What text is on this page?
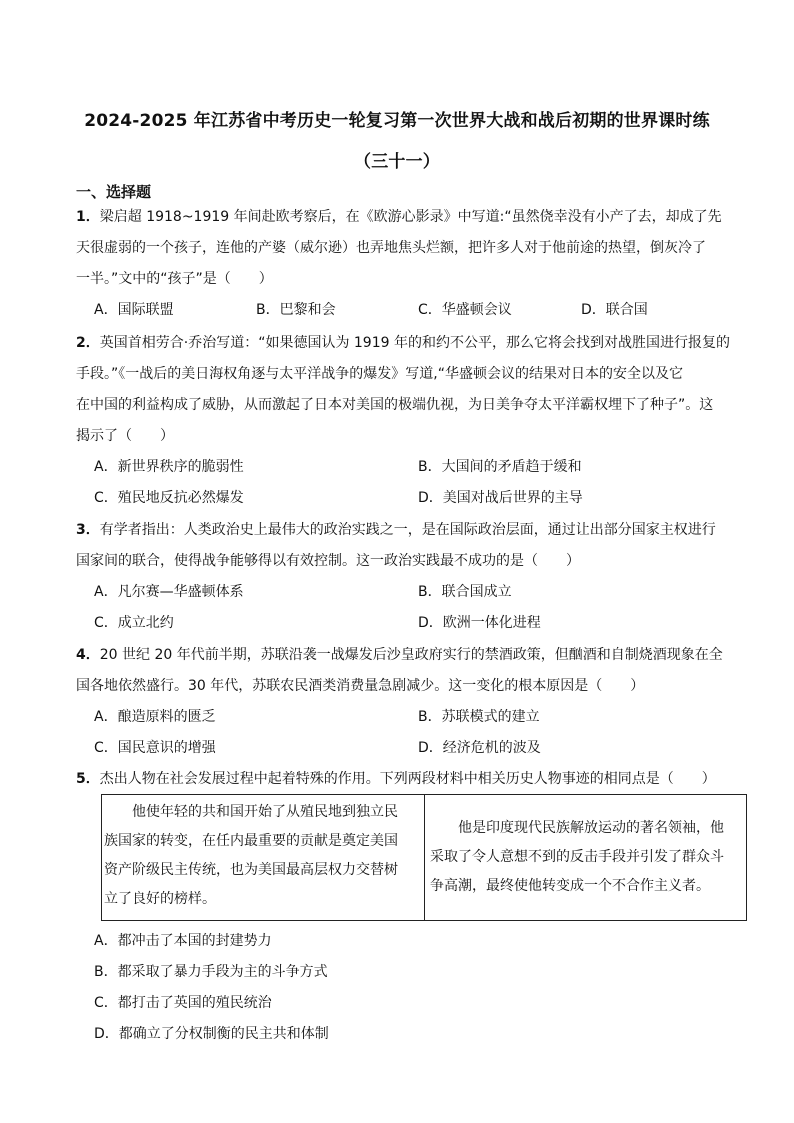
2024-2025 年江苏省中考历史一轮复习第一次世界大战和战后初期的世界课时练
（三十一）
一、选择题
1．梁启超 1918~1919 年间赴欧考察后，在《欧游心影录》中写道:“虽然侥幸没有小产了去，却成了先
天很虚弱的一个孩子，连他的产婆（威尔逊）也弄地焦头烂额，把许多人对于他前途的热望，倒灰冷了
一半。”文中的“孩子”是（　　）
A．国际联盟	B．巴黎和会	C．华盛顿会议	D．联合国
2．英国首相劳合·乔治写道：“如果德国认为 1919 年的和约不公平，那么它将会找到对战胜国进行报复的
手段。”《一战后的美日海权角逐与太平洋战争的爆发》写道,“华盛顿会议的结果对日本的安全以及它
在中国的利益构成了威胁，从而激起了日本对美国的极端仇视，为日美争夺太平洋霸权埋下了种子”。这
揭示了（　　）
A．新世界秩序的脆弱性	B．大国间的矛盾趋于缓和
C．殖民地反抗必然爆发	D．美国对战后世界的主导
3．有学者指出：人类政治史上最伟大的政治实践之一，是在国际政治层面，通过让出部分国家主权进行
国家间的联合，使得战争能够得以有效控制。这一政治实践最不成功的是（　　）
A．凡尔赛—华盛顿体系	B．联合国成立
C．成立北约	D．欧洲一体化进程
4．20 世纪 20 年代前半期，苏联沿袭一战爆发后沙皇政府实行的禁酒政策，但酗酒和自制烧酒现象在全
国各地依然盛行。30 年代，苏联农民酒类消费量急剧减少。这一变化的根本原因是（　　）
A．酿造原料的匮乏	B．苏联模式的建立
C．国民意识的增强	D．经济危机的波及
5．杰出人物在社会发展过程中起着特殊的作用。下列两段材料中相关历史人物事迹的相同点是（　　）
他使年轻的共和国开始了从殖民地到独立民
族国家的转变，在任内最重要的贡献是奠定美国
资产阶级民主传统，也为美国最高层权力交替树
立了良好的榜样。
他是印度现代民族解放运动的著名领袖，他
采取了令人意想不到的反击手段并引发了群众斗
争高潮，最终使他转变成一个不合作主义者。
A．都冲击了本国的封建势力
B．都采取了暴力手段为主的斗争方式
C．都打击了英国的殖民统治
D．都确立了分权制衡的民主共和体制
